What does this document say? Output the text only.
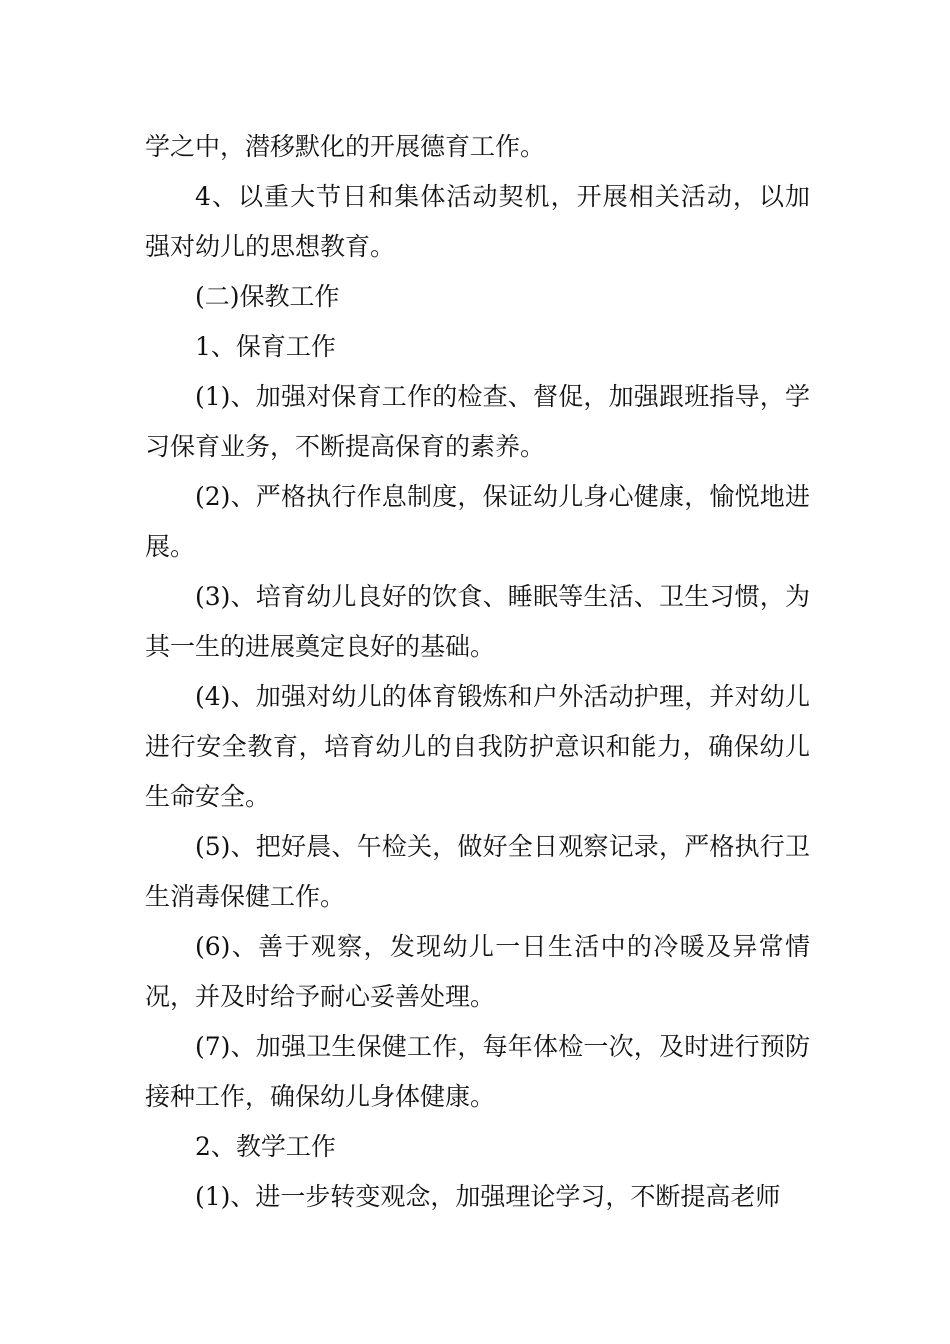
学之中，潜移默化的开展德育工作。

4、以重大节日和集体活动契机，开展相关活动，以加强对幼儿的思想教育。

(二)保教工作

1、保育工作

(1)、加强对保育工作的检查、督促，加强跟班指导，学习保育业务，不断提高保育的素养。

(2)、严格执行作息制度，保证幼儿身心健康，愉悦地进展。

(3)、培育幼儿良好的饮食、睡眠等生活、卫生习惯，为其一生的进展奠定良好的基础。

(4)、加强对幼儿的体育锻炼和户外活动护理，并对幼儿进行安全教育，培育幼儿的自我防护意识和能力，确保幼儿生命安全。

(5)、把好晨、午检关，做好全日观察记录，严格执行卫生消毒保健工作。

(6)、善于观察，发现幼儿一日生活中的冷暖及异常情况，并及时给予耐心妥善处理。

(7)、加强卫生保健工作，每年体检一次，及时进行预防接种工作，确保幼儿身体健康。

2、教学工作

(1)、进一步转变观念，加强理论学习，不断提高老师
